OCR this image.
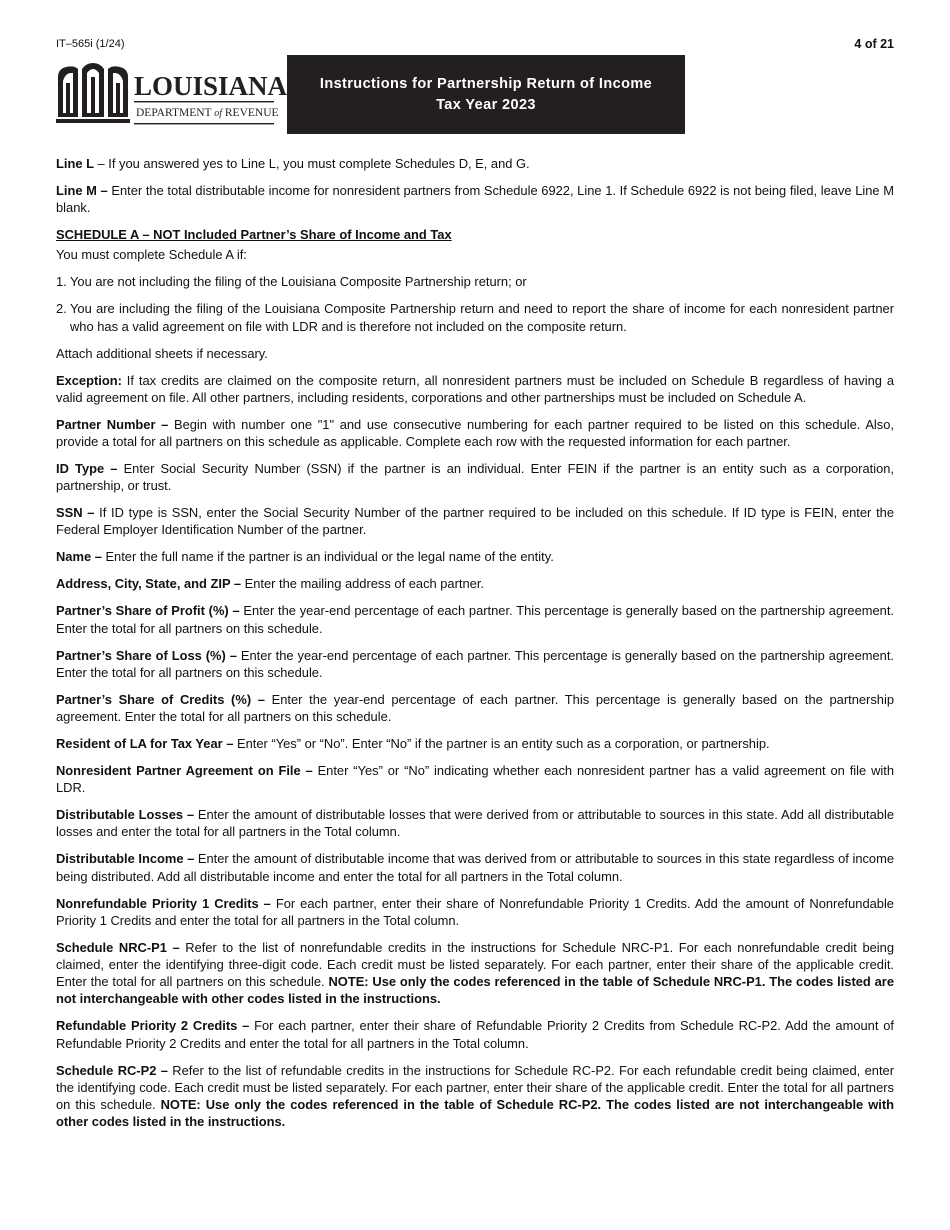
IT–565i (1/24)	4 of 21
LOUISIANA
DEPARTMENT of REVENUE
Instructions for Partnership Return of Income
Tax Year 2023

Line L – If you answered yes to Line L, you must complete Schedules D, E, and G.

Line M – Enter the total distributable income for nonresident partners from Schedule 6922, Line 1. If Schedule 6922 is not being filed, leave Line M blank.

SCHEDULE A – NOT Included Partner’s Share of Income and Tax

You must complete Schedule A if:

1. You are not including the filing of the Louisiana Composite Partnership return; or
2. You are including the filing of the Louisiana Composite Partnership return and need to report the share of income for each nonresident partner who has a valid agreement on file with LDR and is therefore not included on the composite return.

Attach additional sheets if necessary.

Exception: If tax credits are claimed on the composite return, all nonresident partners must be included on Schedule B regardless of having a valid agreement on file. All other partners, including residents, corporations and other partnerships must be included on Schedule A.

Partner Number – Begin with number one "1" and use consecutive numbering for each partner required to be listed on this schedule. Also, provide a total for all partners on this schedule as applicable. Complete each row with the requested information for each partner.

ID Type – Enter Social Security Number (SSN) if the partner is an individual. Enter FEIN if the partner is an entity such as a corporation, partnership, or trust.

SSN – If ID type is SSN, enter the Social Security Number of the partner required to be included on this schedule. If ID type is FEIN, enter the Federal Employer Identification Number of the partner.

Name – Enter the full name if the partner is an individual or the legal name of the entity.

Address, City, State, and ZIP – Enter the mailing address of each partner.

Partner’s Share of Profit (%) – Enter the year-end percentage of each partner. This percentage is generally based on the partnership agreement. Enter the total for all partners on this schedule.

Partner’s Share of Loss (%) – Enter the year-end percentage of each partner. This percentage is generally based on the partnership agreement. Enter the total for all partners on this schedule.

Partner’s Share of Credits (%) – Enter the year-end percentage of each partner. This percentage is generally based on the partnership agreement. Enter the total for all partners on this schedule.

Resident of LA for Tax Year – Enter “Yes” or “No”. Enter “No” if the partner is an entity such as a corporation, or partnership.

Nonresident Partner Agreement on File – Enter “Yes” or “No” indicating whether each nonresident partner has a valid agreement on file with LDR.

Distributable Losses – Enter the amount of distributable losses that were derived from or attributable to sources in this state. Add all distributable losses and enter the total for all partners in the Total column.

Distributable Income – Enter the amount of distributable income that was derived from or attributable to sources in this state regardless of income being distributed. Add all distributable income and enter the total for all partners in the Total column.

Nonrefundable Priority 1 Credits – For each partner, enter their share of Nonrefundable Priority 1 Credits. Add the amount of Nonrefundable Priority 1 Credits and enter the total for all partners in the Total column.

Schedule NRC-P1 – Refer to the list of nonrefundable credits in the instructions for Schedule NRC-P1. For each nonrefundable credit being claimed, enter the identifying three-digit code. Each credit must be listed separately. For each partner, enter their share of the applicable credit. Enter the total for all partners on this schedule. NOTE: Use only the codes referenced in the table of Schedule NRC-P1. The codes listed are not interchangeable with other codes listed in the instructions.

Refundable Priority 2 Credits – For each partner, enter their share of Refundable Priority 2 Credits from Schedule RC-P2. Add the amount of Refundable Priority 2 Credits and enter the total for all partners in the Total column.

Schedule RC-P2 – Refer to the list of refundable credits in the instructions for Schedule RC-P2. For each refundable credit being claimed, enter the identifying code. Each credit must be listed separately. For each partner, enter their share of the applicable credit. Enter the total for all partners on this schedule. NOTE: Use only the codes referenced in the table of Schedule RC-P2. The codes listed are not interchangeable with other codes listed in the instructions.
